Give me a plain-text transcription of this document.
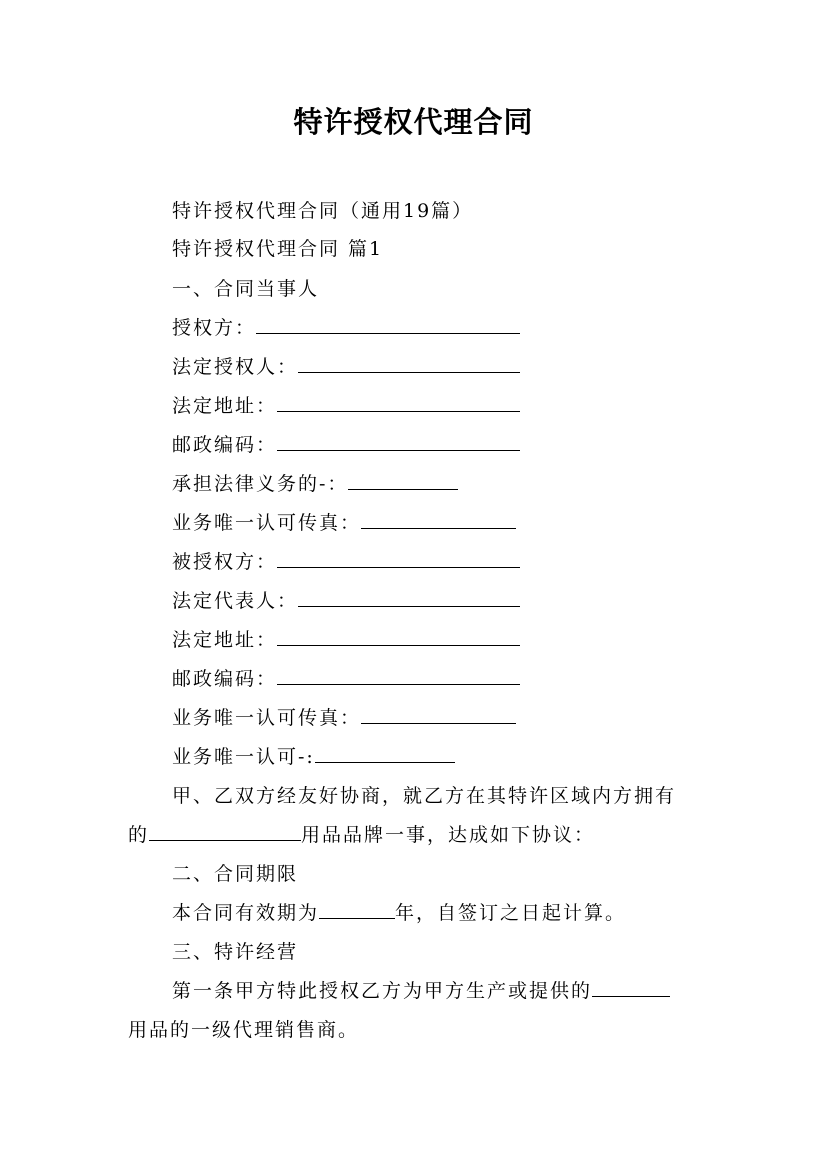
特许授权代理合同
特许授权代理合同（通用19篇）
特许授权代理合同 篇1
一、合同当事人
授权方：
法定授权人：
法定地址：
邮政编码：
承担法律义务的-：
业务唯一认可传真：
被授权方：
法定代表人：
法定地址：
邮政编码：
业务唯一认可传真：
业务唯一认可-:
甲、乙双方经友好协商，就乙方在其特许区域内方拥有
的	用品品牌一事，达成如下协议：
二、合同期限
本合同有效期为	年，自签订之日起计算。
三、特许经营
第一条甲方特此授权乙方为甲方生产或提供的
用品的一级代理销售商。
